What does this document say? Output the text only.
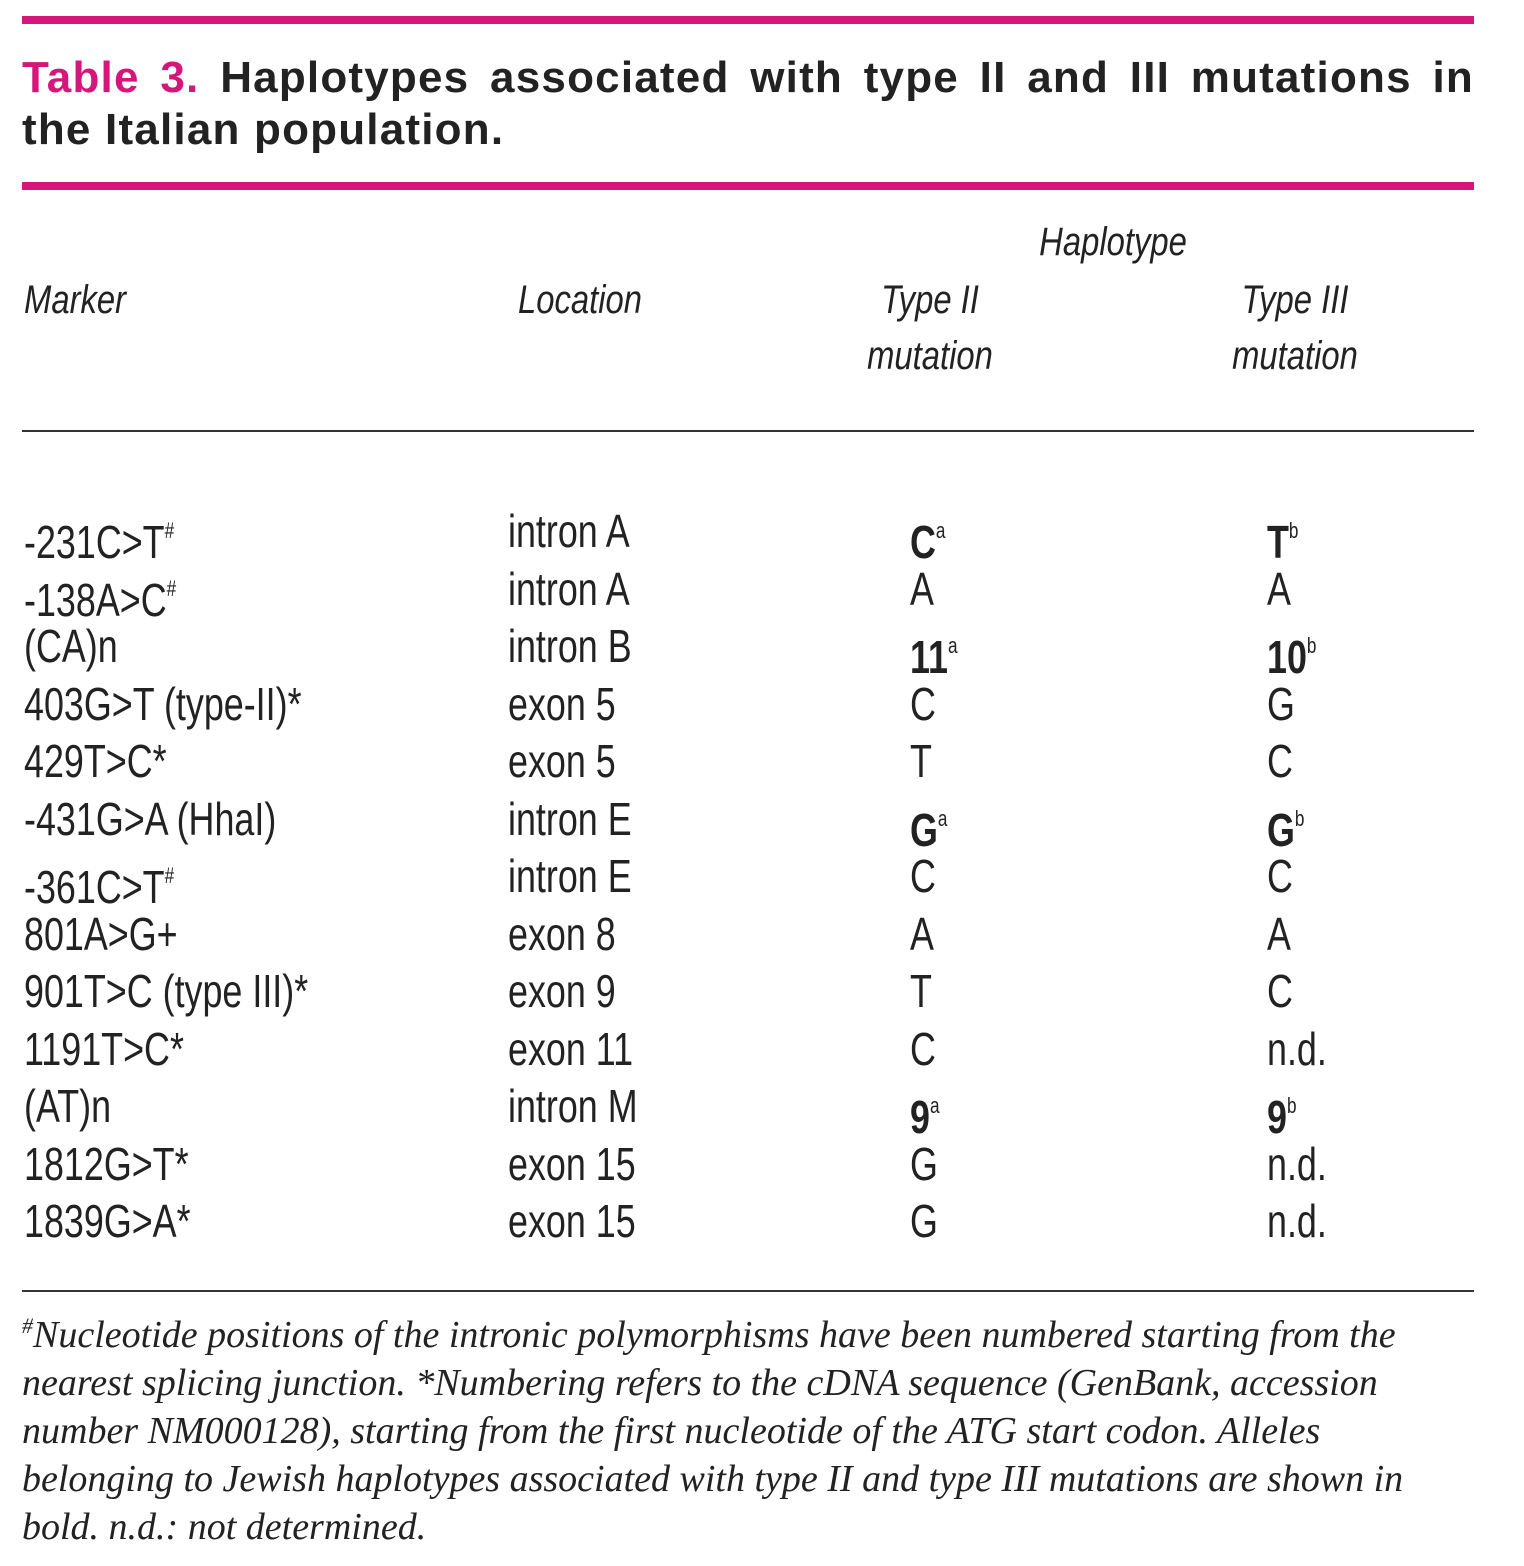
Table 3. Haplotypes associated with type II and III mutations in the Italian population.
Marker	Location
Haplotype
Type II
mutation
Type III
mutation
-231C>T#	intron A	$C^a$	$T^b$
-138A>C#	intron A	A	A
(CA)n	intron B	11$^a$	10$^b$
403G>T (type-II)*	exon 5	C	G
429T>C*	exon 5	T	C
-431G>A (HhaI)	intron E	$G^a$	$G^b$
-361C>T#	intron E	C	C
801A>G+	exon 8	A	A
901T>C (type III)*	exon 9	T	C
1191T>C*	exon 11	C	n.d.
(AT)n	intron M	9$^a$	9$^b$
1812G>T*	exon 15	G	n.d.
1839G>A*	exon 15	G	n.d.
#Nucleotide positions of the intronic polymorphisms have been numbered starting from the nearest splicing junction. *Numbering refers to the cDNA sequence (GenBank, accession number NM000128), starting from the first nucleotide of the ATG start codon. Alleles belonging to Jewish haplotypes associated with type II and type III mutations are shown in bold. n.d.: not determined.
